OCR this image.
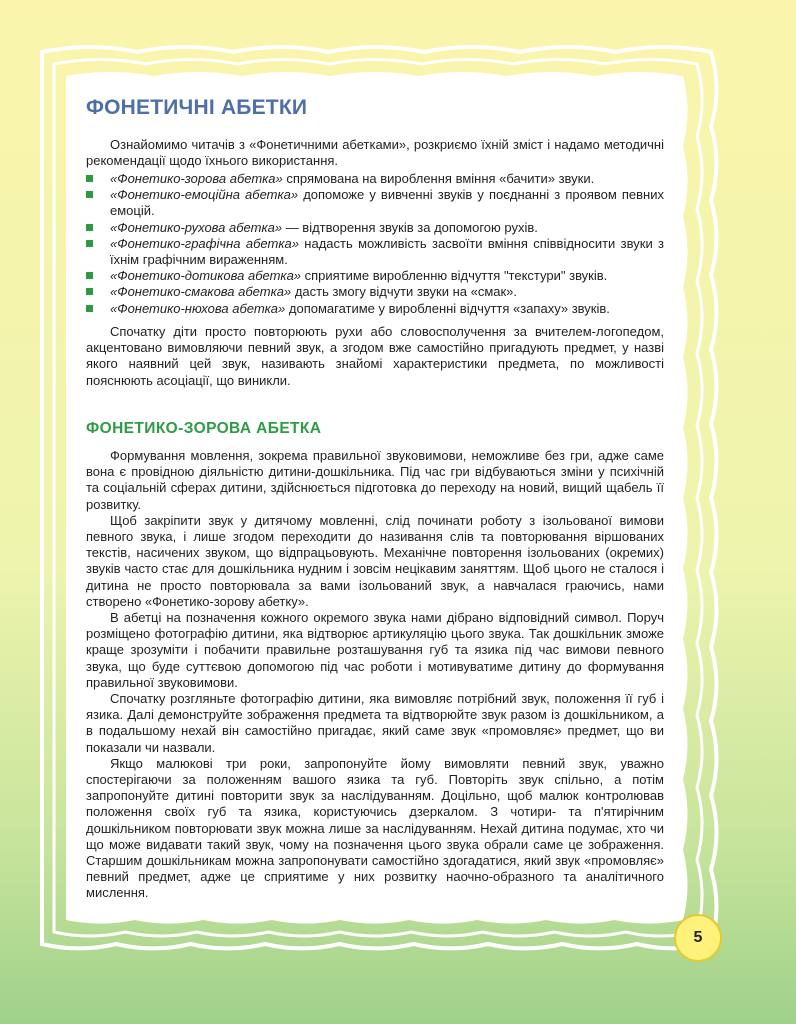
ФОНЕТИЧНІ АБЕТКИ

Ознайомимо читачів з «Фонетичними абетками», розкриємо їхній зміст і надамо методичні рекомендації щодо їхнього використання.

«Фонетико-зорова абетка» спрямована на вироблення вміння «бачити» звуки.
«Фонетико-емоційна абетка» допоможе у вивченні звуків у поєднанні з проявом певних емоцій.
«Фонетико-рухова абетка» — відтворення звуків за допомогою рухів.
«Фонетико-графічна абетка» надасть можливість засвоїти вміння співвідносити звуки з їхнім графічним вираженням.
«Фонетико-дотикова абетка» сприятиме виробленню відчуття "текстури" звуків.
«Фонетико-смакова абетка» дасть змогу відчути звуки на «смак».
«Фонетико-нюхова абетка» допомагатиме у виробленні відчуття «запаху» звуків.

Спочатку діти просто повторюють рухи або словосполучення за вчителем-логопедом, акцентовано вимовляючи певний звук, а згодом вже самостійно пригадують предмет, у назві якого наявний цей звук, називають знайомі характеристики предмета, по можливості пояснюють асоціації, що виникли.

ФОНЕТИКО-ЗОРОВА АБЕТКА

Формування мовлення, зокрема правильної звуковимови, неможливе без гри, адже саме вона є провідною діяльністю дитини-дошкільника. Під час гри відбуваються зміни у психічній та соціальній сферах дитини, здійснюється підготовка до переходу на новий, вищий щабель її розвитку.

Щоб закріпити звук у дитячому мовленні, слід починати роботу з ізольованої вимови певного звука, і лише згодом переходити до називання слів та повторювання віршованих текстів, насичених звуком, що відпрацьовують. Механічне повторення ізольованих (окремих) звуків часто стає для дошкільника нудним і зовсім нецікавим заняттям. Щоб цього не сталося і дитина не просто повторювала за вами ізольований звук, а навчалася граючись, нами створено «Фонетико-зорову абетку».

В абетці на позначення кожного окремого звука нами дібрано відповідний символ. Поруч розміщено фотографію дитини, яка відтворює артикуляцію цього звука. Так дошкільник зможе краще зрозуміти і побачити правильне розташування губ та язика під час вимови певного звука, що буде суттєвою допомогою під час роботи і мотивуватиме дитину до формування правильної звуковимови.

Спочатку розгляньте фотографію дитини, яка вимовляє потрібний звук, положення її губ і язика. Далі демонструйте зображення предмета та відтворюйте звук разом із дошкільником, а в подальшому нехай він самостійно пригадає, який саме звук «промовляє» предмет, що ви показали чи назвали.

Якщо малюкові три роки, запропонуйте йому вимовляти певний звук, уважно спостерігаючи за положенням вашого язика та губ. Повторіть звук спільно, а потім запропонуйте дитині повторити звук за наслідуванням. Доцільно, щоб малюк контролював положення своїх губ та язика, користуючись дзеркалом. З чотири- та п'ятирічним дошкільником повторювати звук можна лише за наслідуванням. Нехай дитина подумає, хто чи що може видавати такий звук, чому на позначення цього звука обрали саме це зображення. Старшим дошкільникам можна запропонувати самостійно здогадатися, який звук «промовляє» певний предмет, адже це сприятиме у них розвитку наочно-образного та аналітичного мислення.

5
